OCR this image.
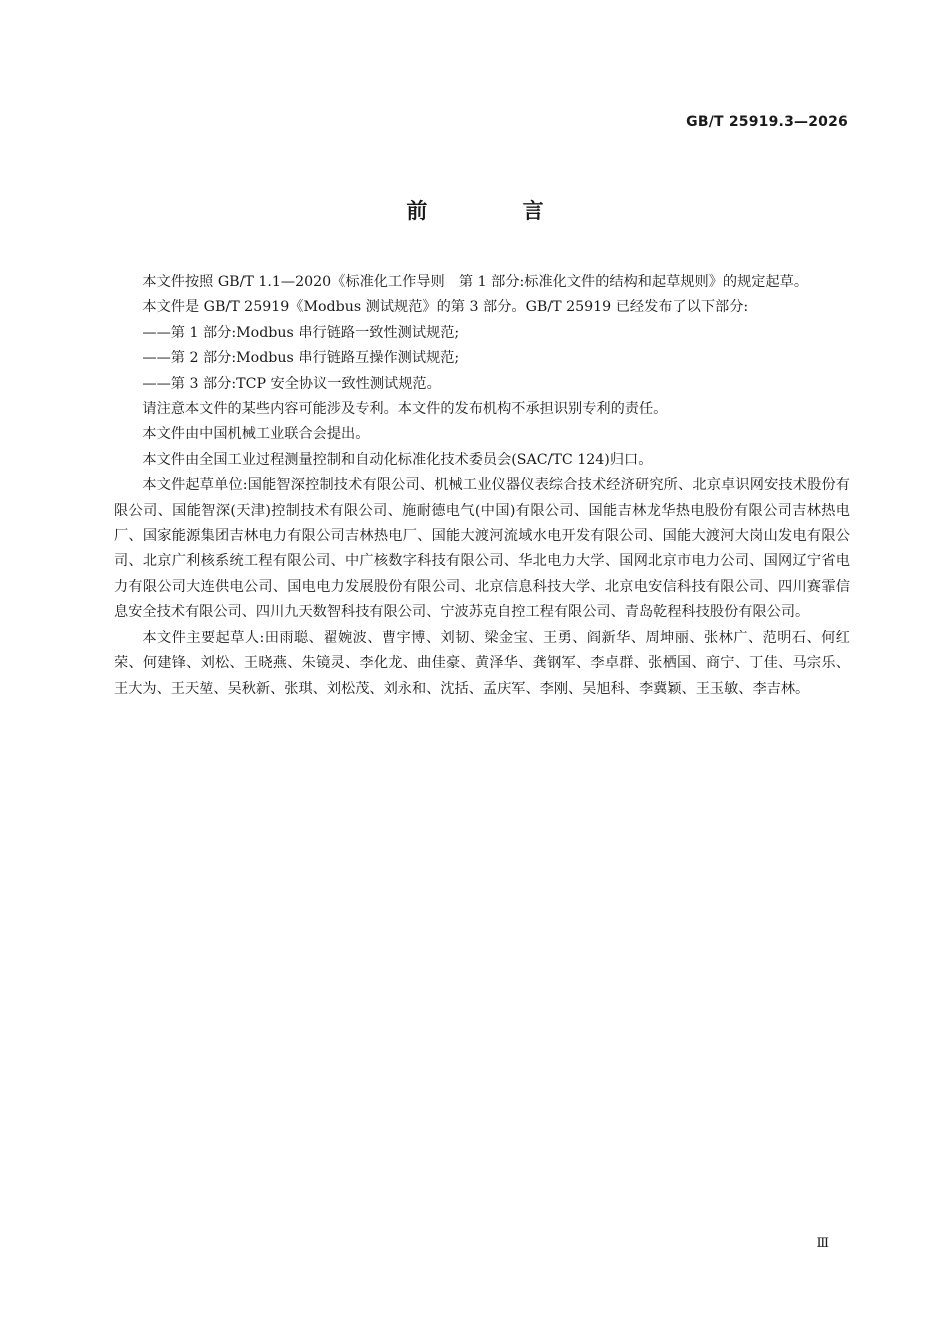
GB/T 25919.3—2026
前 言

本文件按照 GB/T 1.1—2020《标准化工作导则　第 1 部分:标准化文件的结构和起草规则》的规定起草。

本文件是 GB/T 25919《Modbus 测试规范》的第 3 部分。GB/T 25919 已经发布了以下部分:

——第 1 部分:Modbus 串行链路一致性测试规范;

——第 2 部分:Modbus 串行链路互操作测试规范;

——第 3 部分:TCP 安全协议一致性测试规范。

请注意本文件的某些内容可能涉及专利。本文件的发布机构不承担识别专利的责任。

本文件由中国机械工业联合会提出。

本文件由全国工业过程测量控制和自动化标准化技术委员会(SAC/TC 124)归口。

本文件起草单位:国能智深控制技术有限公司、机械工业仪器仪表综合技术经济研究所、北京卓识网安技术股份有限公司、国能智深(天津)控制技术有限公司、施耐德电气(中国)有限公司、国能吉林龙华热电股份有限公司吉林热电厂、国家能源集团吉林电力有限公司吉林热电厂、国能大渡河流域水电开发有限公司、国能大渡河大岗山发电有限公司、北京广利核系统工程有限公司、中广核数字科技有限公司、华北电力大学、国网北京市电力公司、国网辽宁省电力有限公司大连供电公司、国电电力发展股份有限公司、北京信息科技大学、北京电安信科技有限公司、四川赛霏信息安全技术有限公司、四川九天数智科技有限公司、宁波苏克自控工程有限公司、青岛乾程科技股份有限公司。

本文件主要起草人:田雨聪、翟婉波、曹宇博、刘韧、梁金宝、王勇、阎新华、周坤丽、张林广、范明石、何红荣、何建锋、刘松、王晓燕、朱镜灵、李化龙、曲佳豪、黄泽华、龚钢军、李卓群、张栖国、商宁、丁佳、马宗乐、王大为、王天堃、吴秋新、张琪、刘松茂、刘永和、沈括、孟庆军、李刚、吴旭科、李冀颖、王玉敏、李吉林。

Ⅲ
